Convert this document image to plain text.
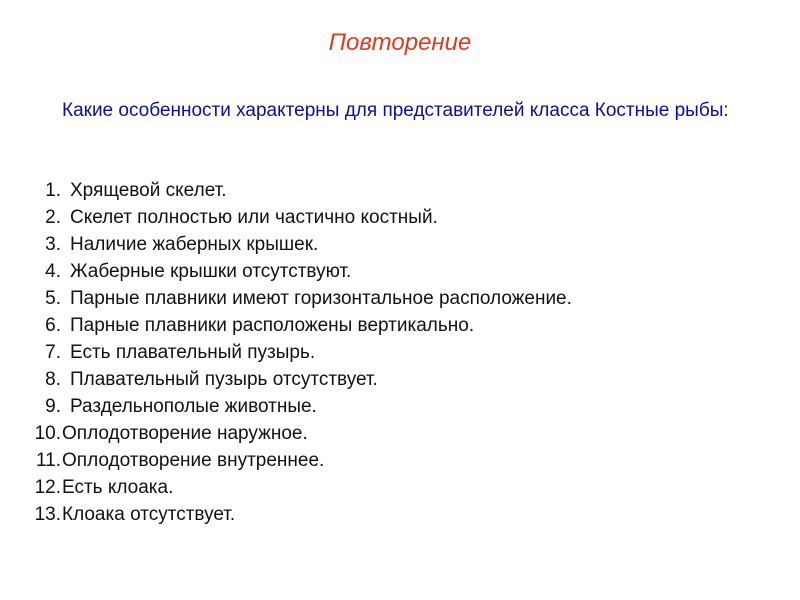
Повторение
Какие особенности характерны для представителей класса Костные рыбы:
1. Хрящевой скелет.
2. Скелет полностью или частично костный.
3. Наличие жаберных крышек.
4. Жаберные крышки отсутствуют.
5. Парные плавники имеют горизонтальное расположение.
6. Парные плавники расположены вертикально.
7. Есть плавательный пузырь.
8. Плавательный пузырь отсутствует.
9. Раздельнополые животные.
10. Оплодотворение наружное.
11. Оплодотворение внутреннее.
12. Есть клоака.
13. Клоака отсутствует.
